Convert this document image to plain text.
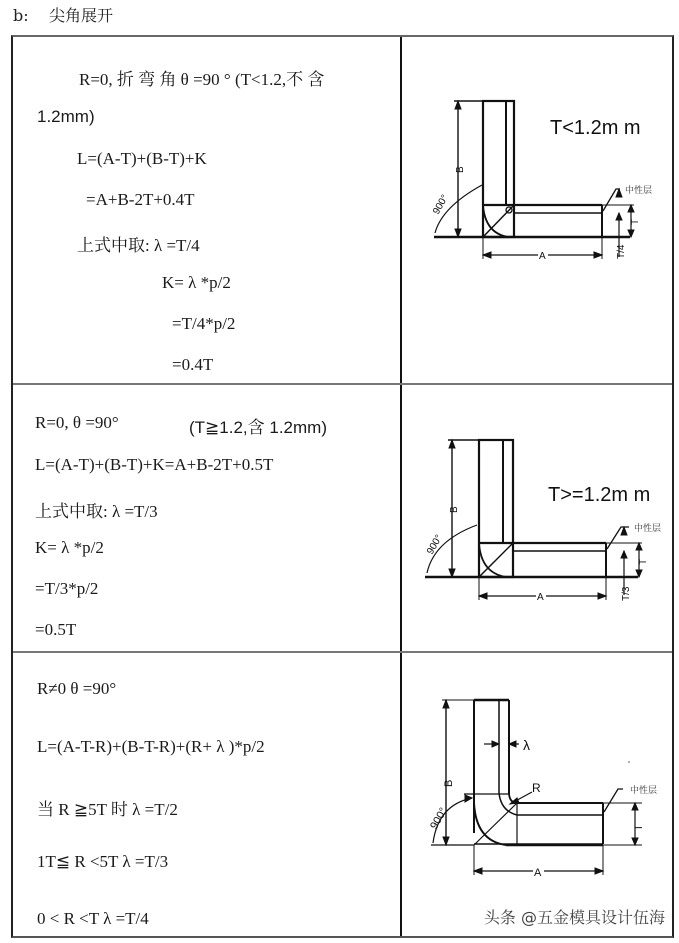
b: 尖角展开
R=0, 折 弯 角 θ =90 ° (T<1.2,不 含
1.2mm)
L=(A-T)+(B-T)+K
=A+B-2T+0.4T
上式中取: λ =T/4
K= λ *p/2
=T/4*p/2
=0.4T
R=0, θ =90°	(T≧1.2,含 1.2mm)
L=(A-T)+(B-T)+K=A+B-2T+0.5T
上式中取: λ =T/3
K= λ *p/2
=T/3*p/2
=0.5T
R≠0 θ =90°
L=(A-T-R)+(B-T-R)+(R+ λ )*p/2
当 R ≧5T 时 λ =T/2
1T≦ R <5T λ =T/3
0 < R <T λ =T/4
B
900°
A
T
T/4
中性层
T<1.2m m
B
900°
A
T
T/3
中性层
T>=1.2m m
R
λ
B
900°
A
T
中性层
头条 @五金模具设计伍海
